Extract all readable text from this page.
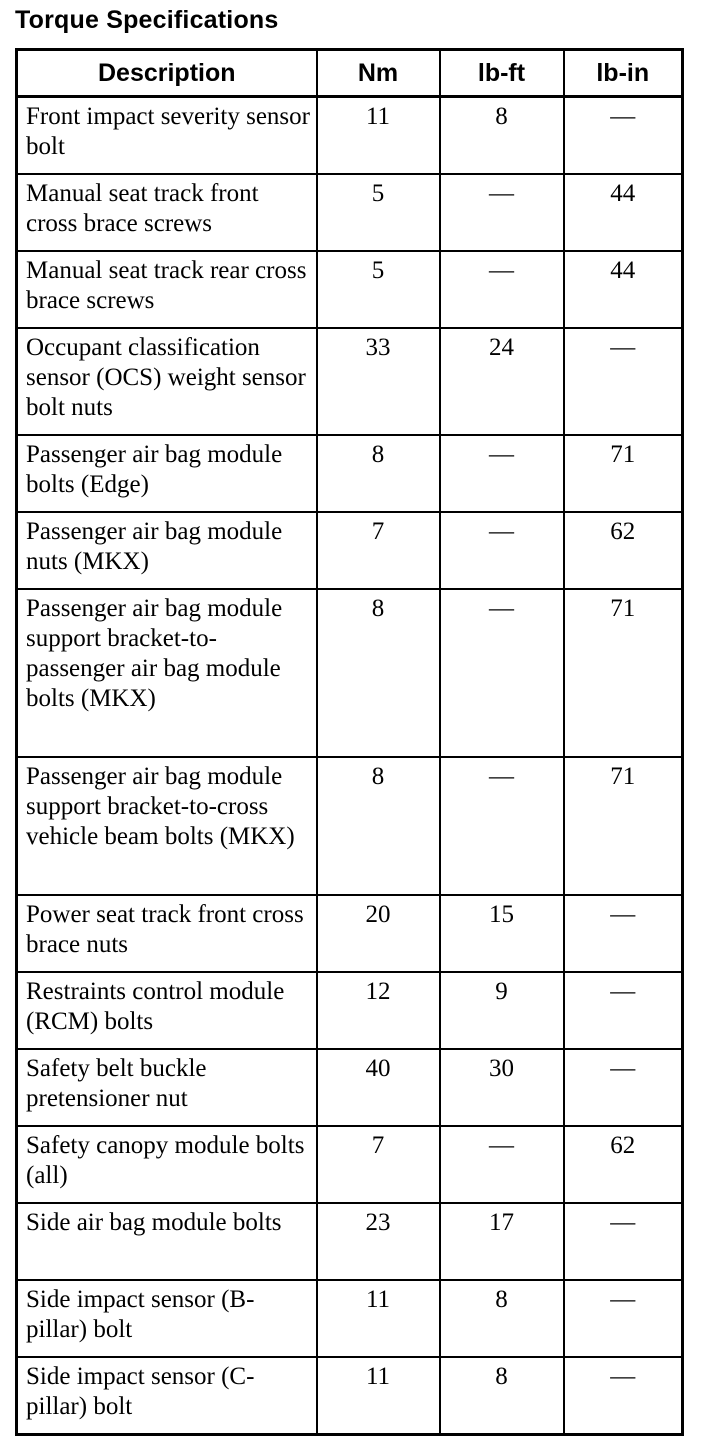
Torque Specifications
Description	Nm	lb-ft	lb-in
Front impact severity sensor bolt	11	8	—
Manual seat track front cross brace screws	5	—	44
Manual seat track rear cross brace screws	5	—	44
Occupant classification sensor (OCS) weight sensor bolt nuts	33	24	—
Passenger air bag module bolts (Edge)	8	—	71
Passenger air bag module nuts (MKX)	7	—	62
Passenger air bag module support bracket-to-passenger air bag module bolts (MKX)	8	—	71
Passenger air bag module support bracket-to-cross vehicle beam bolts (MKX)	8	—	71
Power seat track front cross brace nuts	20	15	—
Restraints control module (RCM) bolts	12	9	—
Safety belt buckle pretensioner nut	40	30	—
Safety canopy module bolts (all)	7	—	62
Side air bag module bolts	23	17	—
Side impact sensor (B-pillar) bolt	11	8	—
Side impact sensor (C-pillar) bolt	11	8	—
